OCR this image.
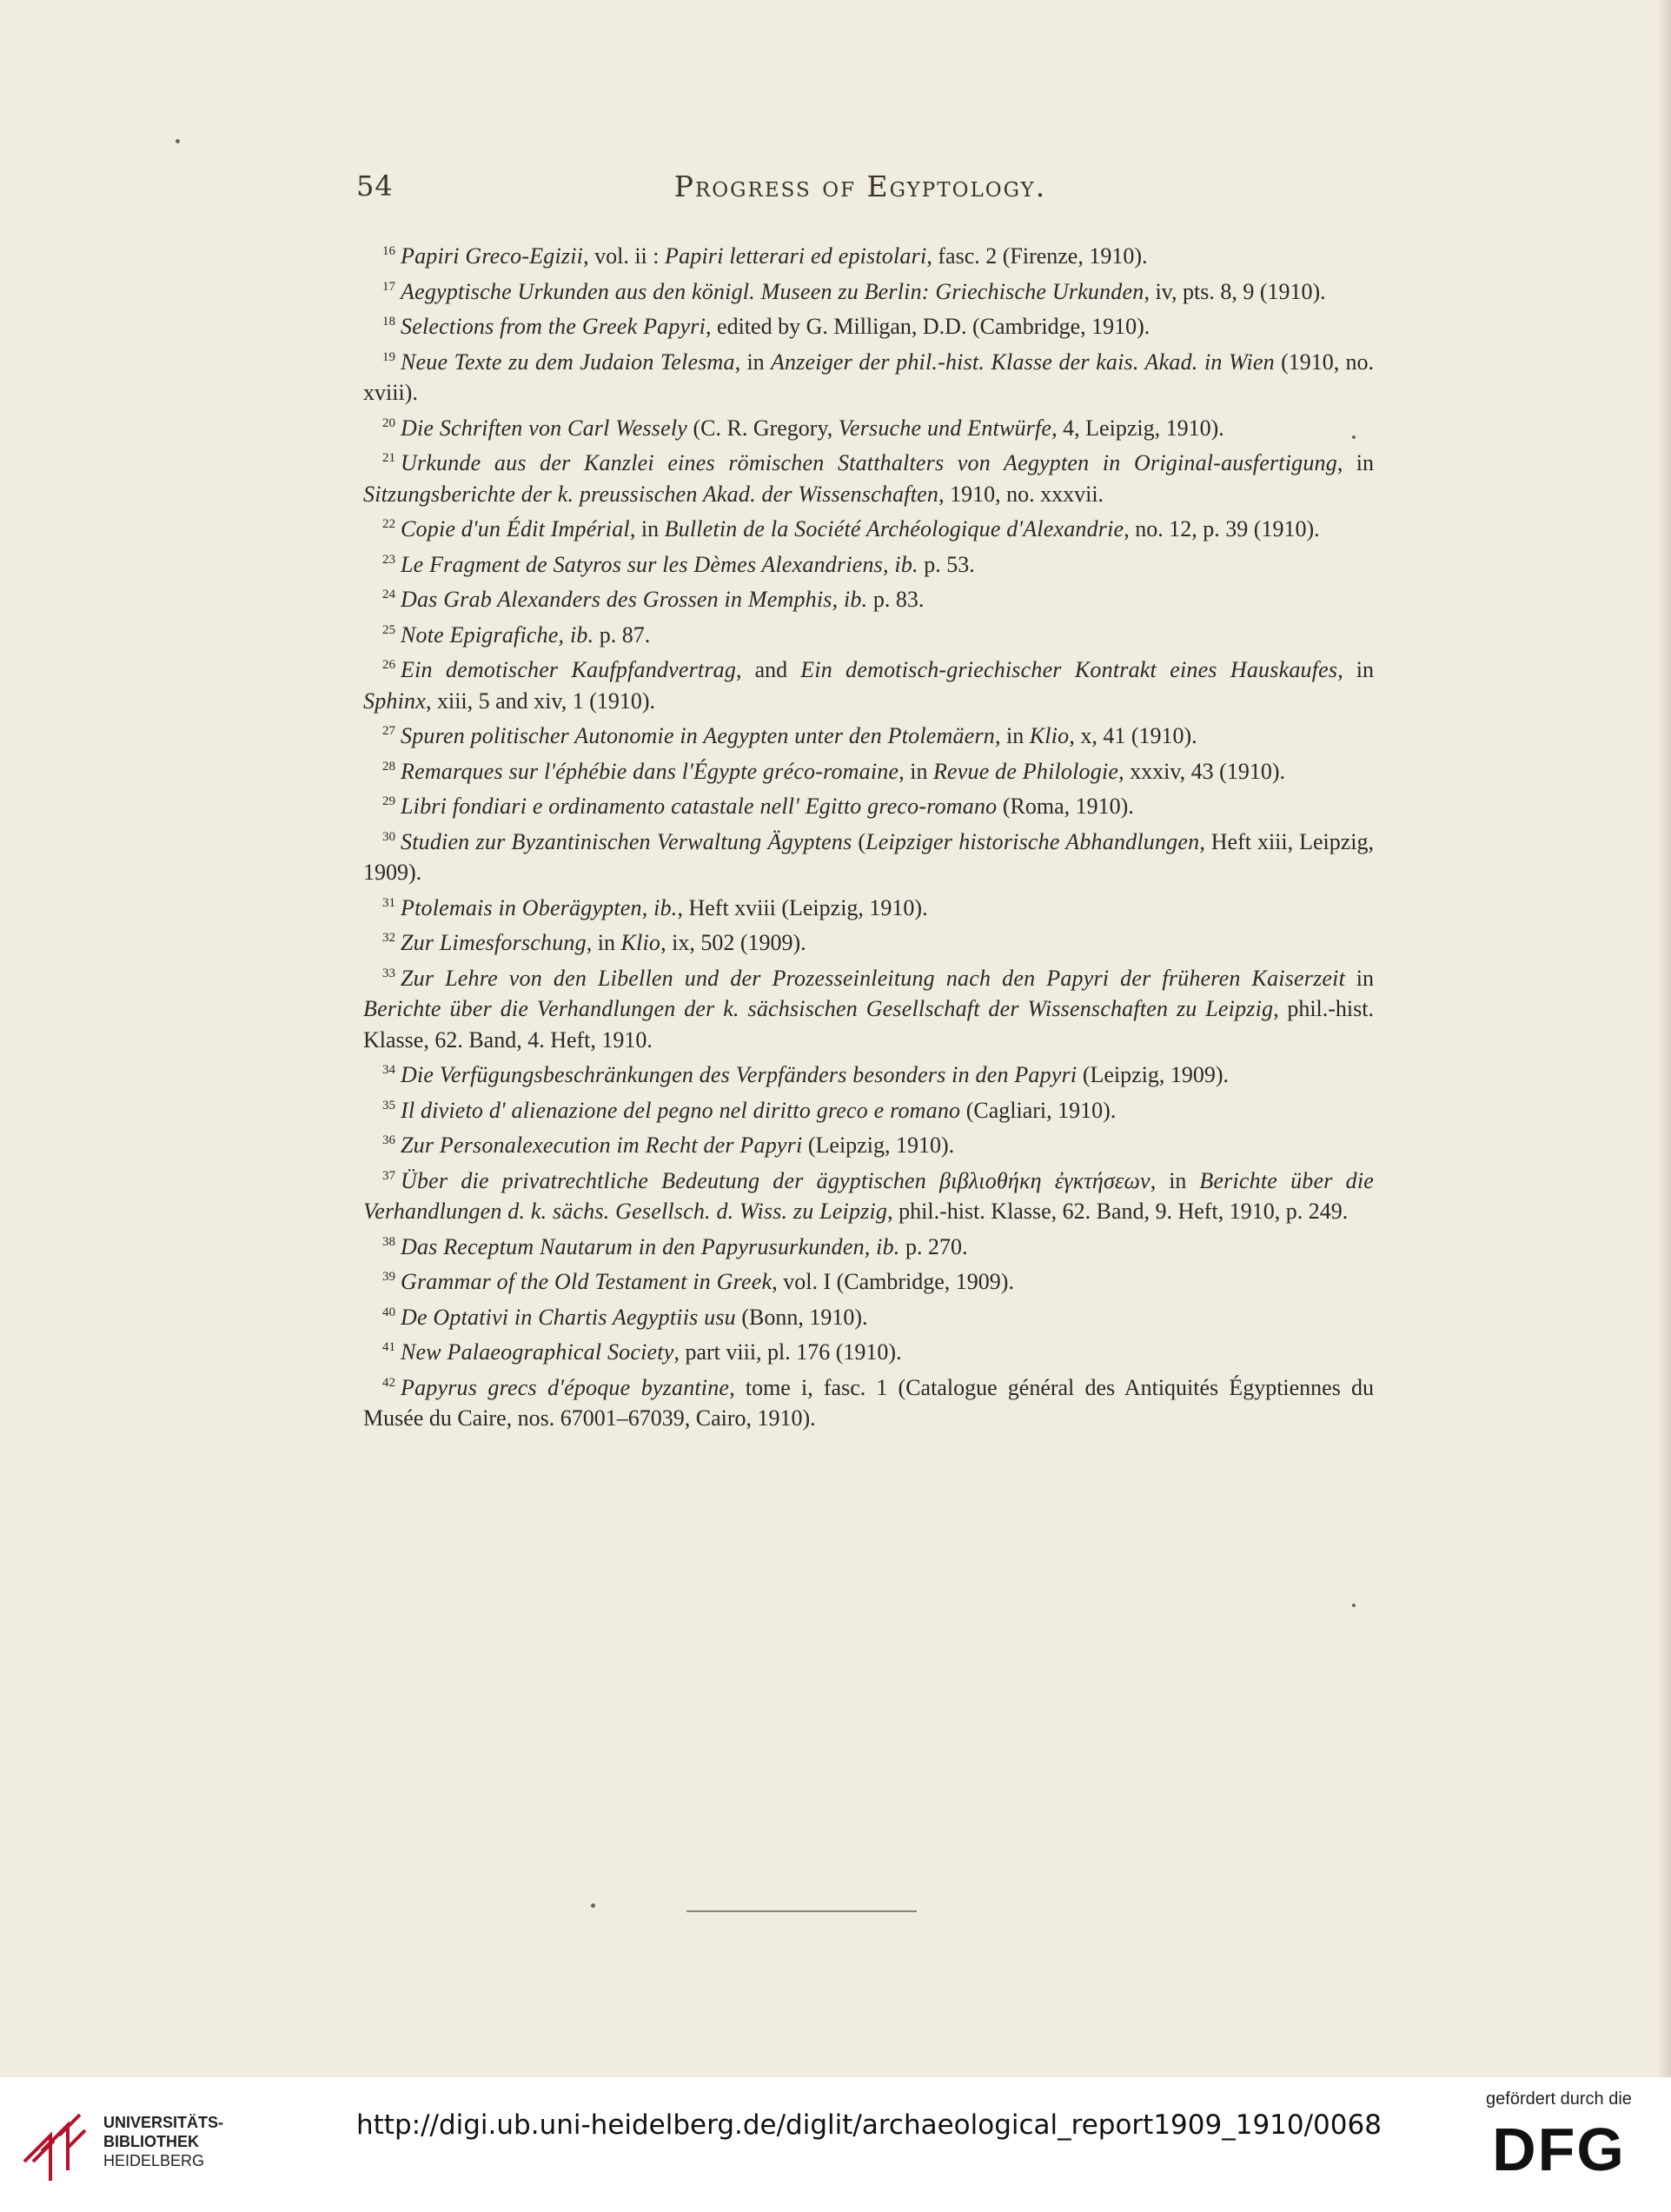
54	Progress of Egyptology.

$^{16}$ Papiri Greco-Egizii, vol. ii : Papiri letterari ed epistolari, fasc. 2 (Firenze, 1910).

$^{17}$ Aegyptische Urkunden aus den königl. Museen zu Berlin: Griechische Urkunden, iv, pts. 8, 9 (1910).

$^{18}$ Selections from the Greek Papyri, edited by G. Milligan, D.D. (Cambridge, 1910).

$^{19}$ Neue Texte zu dem Judaion Telesma, in Anzeiger der phil.-hist. Klasse der kais. Akad. in Wien (1910, no. xviii).

$^{20}$ Die Schriften von Carl Wessely (C. R. Gregory, Versuche und Entwürfe, 4, Leipzig, 1910).

$^{21}$ Urkunde aus der Kanzlei eines römischen Statthalters von Aegypten in Original-ausfertigung, in Sitzungsberichte der k. preussischen Akad. der Wissenschaften, 1910, no. xxxvii.

$^{22}$ Copie d'un Édit Impérial, in Bulletin de la Société Archéologique d'Alexandrie, no. 12, p. 39 (1910).

$^{23}$ Le Fragment de Satyros sur les Dèmes Alexandriens, ib. p. 53.

$^{24}$ Das Grab Alexanders des Grossen in Memphis, ib. p. 83.

$^{25}$ Note Epigrafiche, ib. p. 87.

$^{26}$ Ein demotischer Kaufpfandvertrag, and Ein demotisch-griechischer Kontrakt eines Hauskaufes, in Sphinx, xiii, 5 and xiv, 1 (1910).

$^{27}$ Spuren politischer Autonomie in Aegypten unter den Ptolemäern, in Klio, x, 41 (1910).

$^{28}$ Remarques sur l'éphébie dans l'Égypte gréco-romaine, in Revue de Philologie, xxxiv, 43 (1910).

$^{29}$ Libri fondiari e ordinamento catastale nell' Egitto greco-romano (Roma, 1910).

$^{30}$ Studien zur Byzantinischen Verwaltung Ägyptens (Leipziger historische Abhandlungen, Heft xiii, Leipzig, 1909).

$^{31}$ Ptolemais in Oberägypten, ib., Heft xviii (Leipzig, 1910).

$^{32}$ Zur Limesforschung, in Klio, ix, 502 (1909).

$^{33}$ Zur Lehre von den Libellen und der Prozesseinleitung nach den Papyri der früheren Kaiserzeit in Berichte über die Verhandlungen der k. sächsischen Gesellschaft der Wissenschaften zu Leipzig, phil.-hist. Klasse, 62. Band, 4. Heft, 1910.

$^{34}$ Die Verfügungsbeschränkungen des Verpfänders besonders in den Papyri (Leipzig, 1909).

$^{35}$ Il divieto d' alienazione del pegno nel diritto greco e romano (Cagliari, 1910).

$^{36}$ Zur Personalexecution im Recht der Papyri (Leipzig, 1910).

$^{37}$ Über die privatrechtliche Bedeutung der ägyptischen βιβλιοθήκη ἐγκτήσεων, in Berichte über die Verhandlungen d. k. sächs. Gesellsch. d. Wiss. zu Leipzig, phil.-hist. Klasse, 62. Band, 9. Heft, 1910, p. 249.

$^{38}$ Das Receptum Nautarum in den Papyrusurkunden, ib. p. 270.

$^{39}$ Grammar of the Old Testament in Greek, vol. I (Cambridge, 1909).

$^{40}$ De Optativi in Chartis Aegyptiis usu (Bonn, 1910).

$^{41}$ New Palaeographical Society, part viii, pl. 176 (1910).

$^{42}$ Papyrus grecs d'époque byzantine, tome i, fasc. 1 (Catalogue général des Antiquités Égyptiennes du Musée du Caire, nos. 67001–67039, Cairo, 1910).

UNIVERSITÄTS-
BIBLIOTHEK
HEIDELBERG
http://digi.ub.uni-heidelberg.de/diglit/archaeological_report1909_1910/0068
gefördert durch die
DFG
